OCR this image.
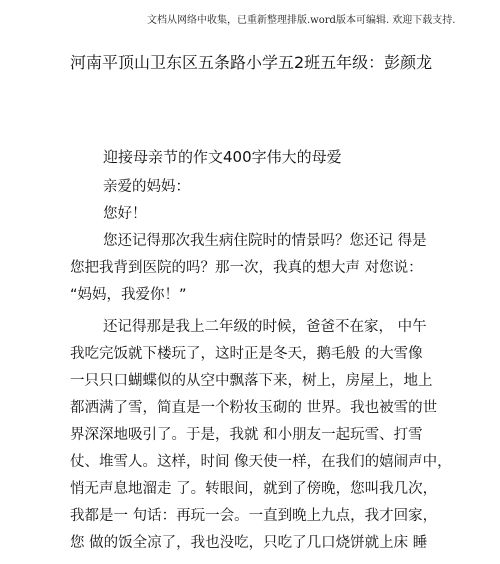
文档从网络中收集，已重新整理排版.word版本可编辑. 欢迎下载支持.
河南平顶山卫东区五条路小学五2班五年级：彭颜龙
迎接母亲节的作文400字伟大的母爱
亲爱的妈妈：
您好！
您还记得那次我生病住院时的情景吗？您还记 得是
您把我背到医院的吗？那一次，我真的想大声 对您说：
“妈妈，我爱你！”
还记得那是我上二年级的时候，爸爸不在家， 中午
我吃完饭就下楼玩了，这时正是冬天，鹅毛般 的大雪像
一只只口蝴蝶似的从空中飘落下来，树上，房屋上，地上
都洒满了雪，简直是一个粉妆玉砌的 世界。我也被雪的世
界深深地吸引了。于是，我就 和小朋友一起玩雪、打雪
仗、堆雪人。这样，时间 像天使一样，在我们的嬉闹声中，
悄无声息地溜走 了。转眼间，就到了傍晚，您叫我几次，
我都是一 句话：再玩一会。一直到晚上九点，我才回家，
您 做的饭全凉了，我也没吃，只吃了几口烧饼就上床 睡
